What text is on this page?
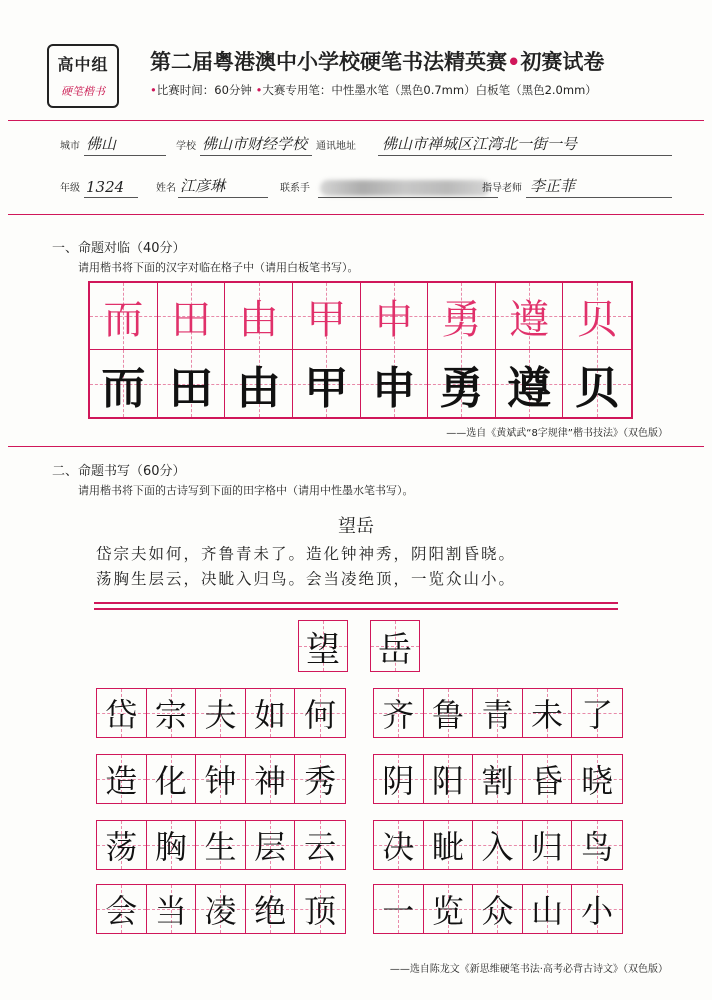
高中组
硬笔楷书
第二届粤港澳中小学校硬笔书法精英赛•初赛试卷
•比赛时间：60分钟 •大赛专用笔：中性墨水笔（黑色0.7mm）白板笔（黑色2.0mm）
城市 佛山	学校 佛山市财经学校 通讯地址 佛山市禅城区江湾北一街一号
年级 1324	姓名 江彦琳	联系手	指导老师 李正菲
一、命题对临（40分）
请用楷书将下面的汉字对临在格子中（请用白板笔书写）。
而 田 由 甲 申 勇 遵 贝
而 田 由 甲 申 勇 遵 贝
——选自《黄斌武“8字规律”楷书技法》（双色版）
二、命题书写（60分）
请用楷书将下面的古诗写到下面的田字格中（请用中性墨水笔书写）。
望岳
岱宗夫如何，齐鲁青未了。造化钟神秀，阴阳割昏晓。
荡胸生层云，决眦入归鸟。会当凌绝顶，一览众山小。
望 岳
岱 宗 夫 如 何 齐 鲁 青 未 了
造 化 钟 神 秀 阴 阳 割 昏 晓
荡 胸 生 层 云 决 眦 入 归 鸟
会 当 凌 绝 顶 一 览 众 山 小
——选自陈龙文《新思维硬笔书法·高考必背古诗文》（双色版）
